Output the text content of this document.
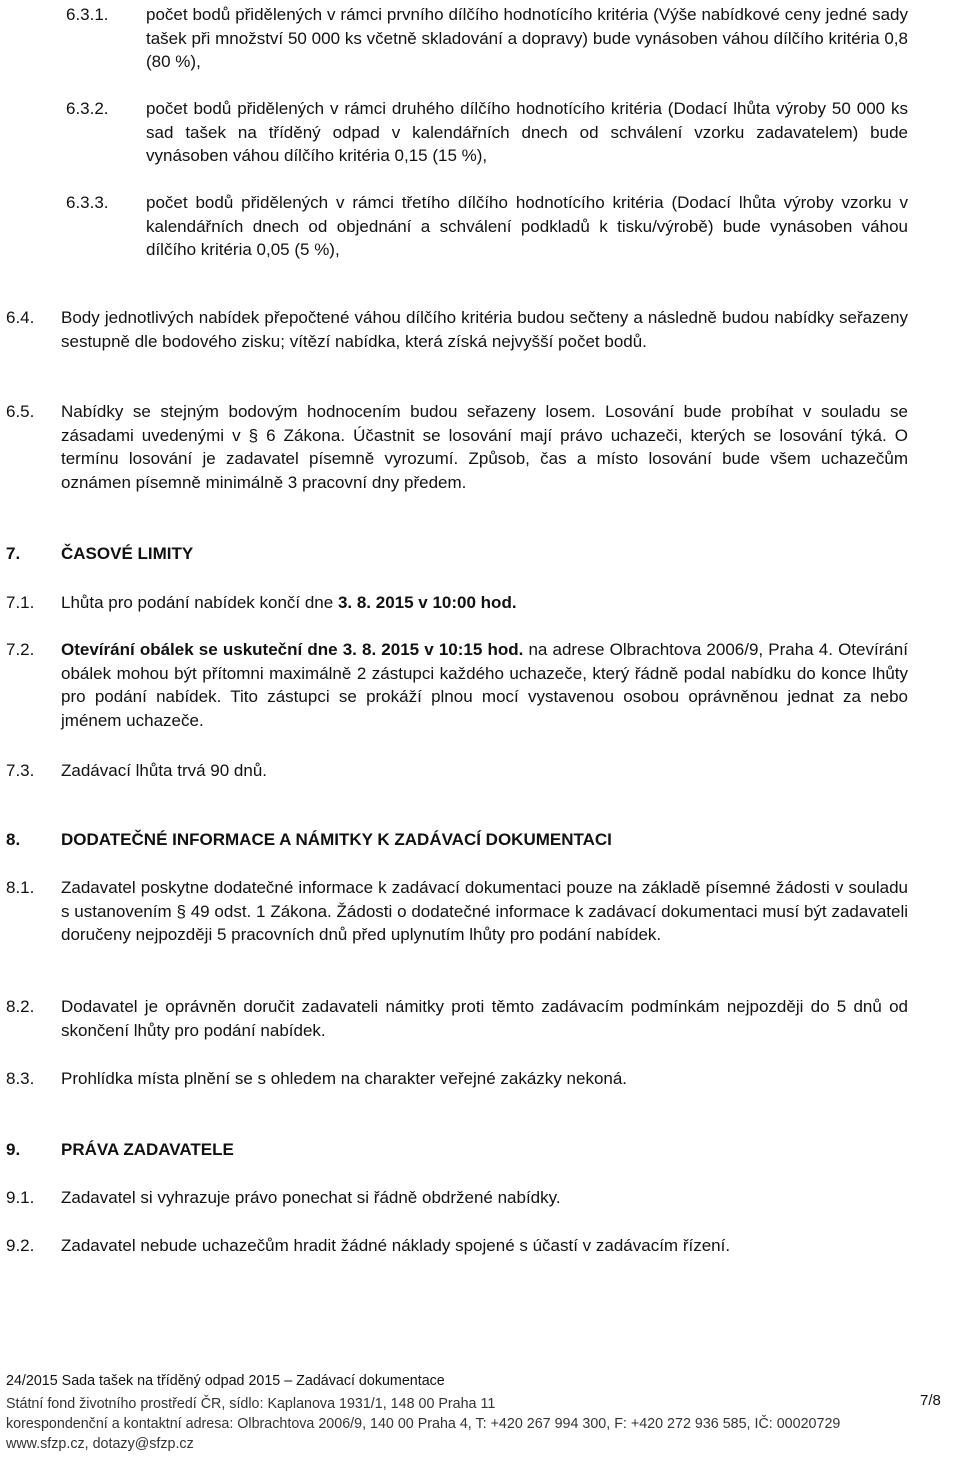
6.3.1. počet bodů přidělených v rámci prvního dílčího hodnotícího kritéria (Výše nabídkové ceny jedné sady tašek při množství 50 000 ks včetně skladování a dopravy) bude vynásoben váhou dílčího kritéria 0,8 (80 %),
6.3.2. počet bodů přidělených v rámci druhého dílčího hodnotícího kritéria (Dodací lhůta výroby 50 000 ks sad tašek na tříděný odpad v kalendářních dnech od schválení vzorku zadavatelem) bude vynásoben váhou dílčího kritéria 0,15 (15 %),
6.3.3. počet bodů přidělených v rámci třetího dílčího hodnotícího kritéria (Dodací lhůta výroby vzorku v kalendářních dnech od objednání a schválení podkladů k tisku/výrobě) bude vynásoben váhou dílčího kritéria 0,05 (5 %),
6.4. Body jednotlivých nabídek přepočtené váhou dílčího kritéria budou sečteny a následně budou nabídky seřazeny sestupně dle bodového zisku; vítězí nabídka, která získá nejvyšší počet bodů.
6.5. Nabídky se stejným bodovým hodnocením budou seřazeny losem. Losování bude probíhat v souladu se zásadami uvedenými v § 6 Zákona. Účastnit se losování mají právo uchazeči, kterých se losování týká. O termínu losování je zadavatel písemně vyrozumí. Způsob, čas a místo losování bude všem uchazečům oznámen písemně minimálně 3 pracovní dny předem.
7. ČASOVÉ LIMITY
7.1. Lhůta pro podání nabídek končí dne 3. 8. 2015 v 10:00 hod.
7.2. Otevírání obálek se uskuteční dne 3. 8. 2015 v 10:15 hod. na adrese Olbrachtova 2006/9, Praha 4. Otevírání obálek mohou být přítomni maximálně 2 zástupci každého uchazeče, který řádně podal nabídku do konce lhůty pro podání nabídek. Tito zástupci se prokáží plnou mocí vystavenou osobou oprávněnou jednat za nebo jménem uchazeče.
7.3. Zadávací lhůta trvá 90 dnů.
8. DODATEČNÉ INFORMACE A NÁMITKY K ZADÁVACÍ DOKUMENTACI
8.1. Zadavatel poskytne dodatečné informace k zadávací dokumentaci pouze na základě písemné žádosti v souladu s ustanovením § 49 odst. 1 Zákona. Žádosti o dodatečné informace k zadávací dokumentaci musí být zadavateli doručeny nejpozději 5 pracovních dnů před uplynutím lhůty pro podání nabídek.
8.2. Dodavatel je oprávněn doručit zadavateli námitky proti těmto zadávacím podmínkám nejpozději do 5 dnů od skončení lhůty pro podání nabídek.
8.3. Prohlídka místa plnění se s ohledem na charakter veřejné zakázky nekoná.
9. PRÁVA ZADAVATELE
9.1. Zadavatel si vyhrazuje právo ponechat si řádně obdržené nabídky.
9.2. Zadavatel nebude uchazečům hradit žádné náklady spojené s účastí v zadávacím řízení.
24/2015 Sada tašek na tříděný odpad 2015 – Zadávací dokumentace
Státní fond životního prostředí ČR, sídlo: Kaplanova 1931/1, 148 00 Praha 11
korespondenční a kontaktní adresa: Olbrachtova 2006/9, 140 00 Praha 4, T: +420 267 994 300, F: +420 272 936 585, IČ: 00020729
www.sfzp.cz, dotazy@sfzp.cz
7/8
